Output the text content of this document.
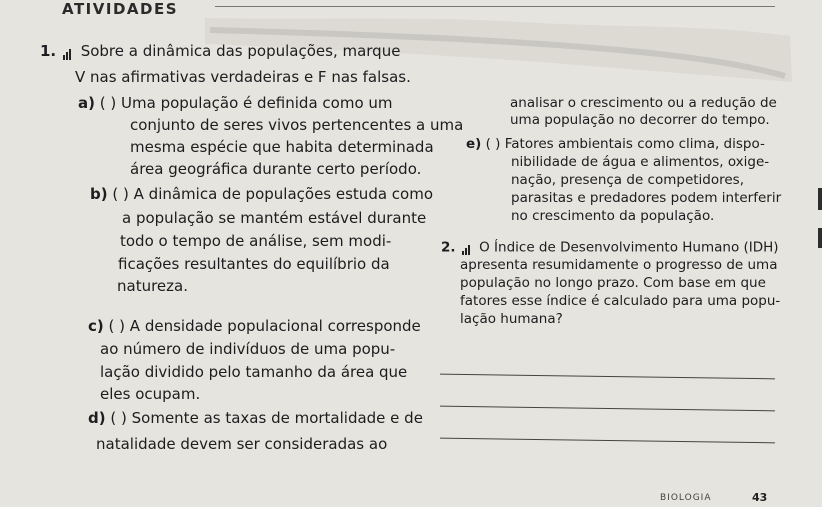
ATIVIDADES
1. Sobre a dinâmica das populações, marque
V nas afirmativas verdadeiras e F nas falsas.
a) ( ) Uma população é definida como um
conjunto de seres vivos pertencentes a uma
mesma espécie que habita determinada
área geográfica durante certo período.
b) ( ) A dinâmica de populações estuda como
a população se mantém estável durante
todo o tempo de análise, sem modi-
ficações resultantes do equilíbrio da
natureza.
c) ( ) A densidade populacional corresponde
ao número de indivíduos de uma popu-
lação dividido pelo tamanho da área que
eles ocupam.
d) ( ) Somente as taxas de mortalidade e de
natalidade devem ser consideradas ao
analisar o crescimento ou a redução de
uma população no decorrer do tempo.
e) ( ) Fatores ambientais como clima, dispo-
nibilidade de água e alimentos, oxige-
nação, presença de competidores,
parasitas e predadores podem interferir
no crescimento da população.
2. O Índice de Desenvolvimento Humano (IDH)
apresenta resumidamente o progresso de uma
população no longo prazo. Com base em que
fatores esse índice é calculado para uma popu-
lação humana?
BIOLOGIA	43
